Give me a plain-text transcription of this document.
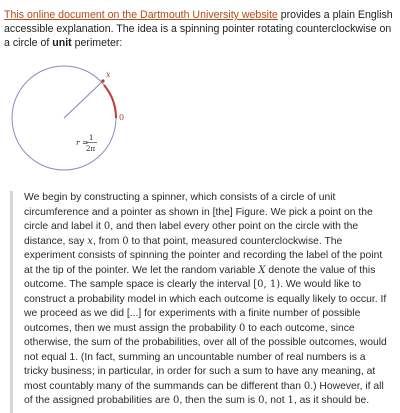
This online document on the Dartmouth University website provides a plain English accessible explanation. The idea is a spinning pointer rotating counterclockwise on a circle of unit perimeter:

x
0
r = 1
2π

We begin by constructing a spinner, which consists of a circle of unit circumference and a pointer as shown in [the] Figure. We pick a point on the circle and label it 0, and then label every other point on the circle with the distance, say x, from 0 to that point, measured counterclockwise. The experiment consists of spinning the pointer and recording the label of the point at the tip of the pointer. We let the random variable X denote the value of this outcome. The sample space is clearly the interval [0, 1). We would like to construct a probability model in which each outcome is equally likely to occur. If we proceed as we did [...] for experiments with a finite number of possible outcomes, then we must assign the probability 0 to each outcome, since otherwise, the sum of the probabilities, over all of the possible outcomes, would not equal 1. (In fact, summing an uncountable number of real numbers is a tricky business; in particular, in order for such a sum to have any meaning, at most countably many of the summands can be different than 0.) However, if all of the assigned probabilities are 0, then the sum is 0, not 1, as it should be.
